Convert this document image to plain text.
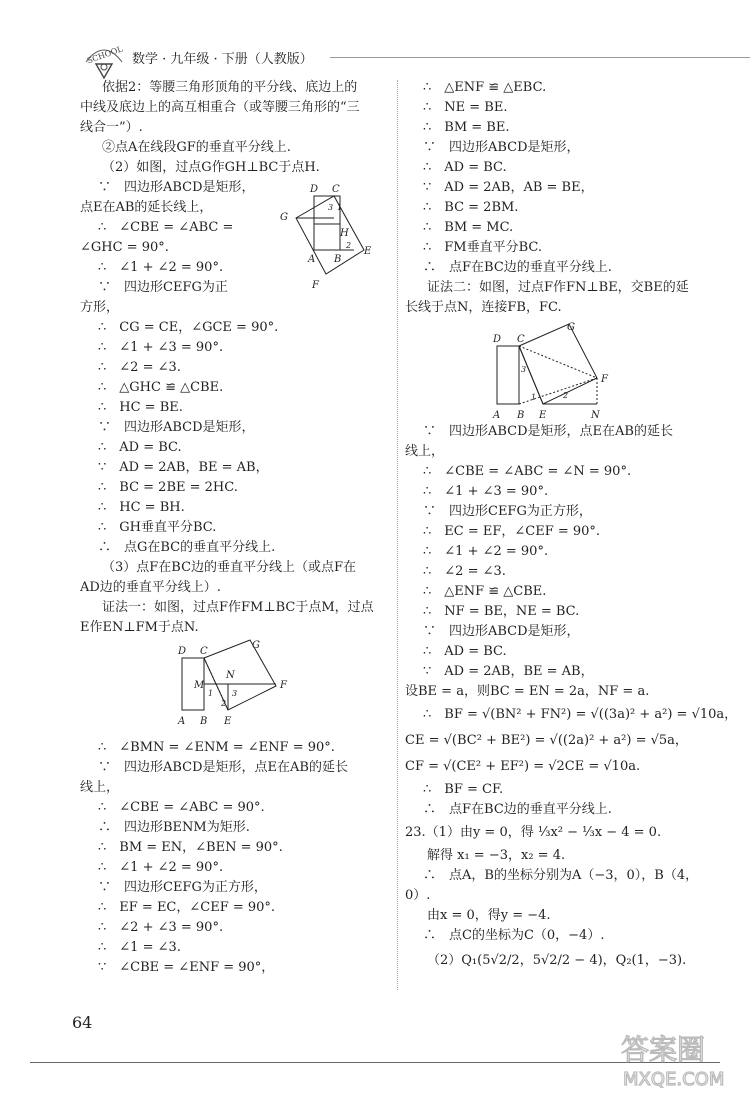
SCHOOL 数学 · 九年级 · 下册（人教版）
依据2：等腰三角形顶角的平分线、底边上的
中线及底边上的高互相重合（或等腰三角形的“三
线合一”）.
②点A在线段GF的垂直平分线上.
（2）如图，过点G作GH⊥BC于点H.
∵　四边形ABCD是矩形，
点E在AB的延长线上，
∴　∠CBE = ∠ABC =
∠GHC = 90°.
∴　∠1 + ∠2 = 90°.
∵　四边形CEFG为正
D C
G
H
E
F
A B
1
2
3
方形，
∴　CG = CE，∠GCE = 90°.
∴　∠1 + ∠3 = 90°.
∴　∠2 = ∠3.
∴　△GHC ≌ △CBE.
∴　HC = BE.
∵　四边形ABCD是矩形，
∴　AD = BC.
∵　AD = 2AB，BE = AB，
∴　BC = 2BE = 2HC.
∴　HC = BH.
∴　GH垂直平分BC.
∴　点G在BC的垂直平分线上.
（3）点F在BC边的垂直平分线上（或点F在
AD边的垂直平分线上）.
证法一：如图，过点F作FM⊥BC于点M，过点
E作EN⊥FM于点N.
D C
G
M
N
F
A B E
1
2
3
∴　∠BMN = ∠ENM = ∠ENF = 90°.
∵　四边形ABCD是矩形，点E在AB的延长
线上，
∴　∠CBE = ∠ABC = 90°.
∴　四边形BENM为矩形.
∴　BM = EN，∠BEN = 90°.
∴　∠1 + ∠2 = 90°.
∵　四边形CEFG为正方形，
∴　EF = EC，∠CEF = 90°.
∴　∠2 + ∠3 = 90°.
∴　∠1 = ∠3.
∵　∠CBE = ∠ENF = 90°，
∴　△ENF ≌ △EBC.
∴　NE = BE.
∴　BM = BE.
∵　四边形ABCD是矩形，
∴　AD = BC.
∵　AD = 2AB，AB = BE，
∴　BC = 2BM.
∴　BM = MC.
∴　FM垂直平分BC.
∴　点F在BC边的垂直平分线上.
证法二：如图，过点F作FN⊥BE，交BE的延
长线于点N，连接FB，FC.
D C
G
F
A B E	N
1	2
3
∵　四边形ABCD是矩形，点E在AB的延长
线上，
∴　∠CBE = ∠ABC = ∠N = 90°.
∴　∠1 + ∠3 = 90°.
∵　四边形CEFG为正方形，
∴　EC = EF，∠CEF = 90°.
∴　∠1 + ∠2 = 90°.
∴　∠2 = ∠3.
∴　△ENF ≌ △CBE.
∴　NF = BE，NE = BC.
∵　四边形ABCD是矩形，
∴　AD = BC.
∵　AD = 2AB，BE = AB，
设BE = a，则BC = EN = 2a，NF = a.
∴　BF = √(BN² + FN²) = √((3a)² + a²) = √10a，
CE = √(BC² + BE²) = √((2a)² + a²) = √5a，
CF = √(CE² + EF²) = √2CE = √10a.
∴　BF = CF.
∴　点F在BC边的垂直平分线上.
23.（1）由y = 0，得 ⅓x² − ⅓x − 4 = 0.
解得 x₁ = −3，x₂ = 4.
∴　点A，B的坐标分别为A（−3，0），B（4，
0）.
由x = 0，得y = −4.
∴　点C的坐标为C（0，−4）.
（2）Q₁(5√2/2，5√2/2 − 4)，Q₂(1，−3).
64
答案圈
MXQE.COM
